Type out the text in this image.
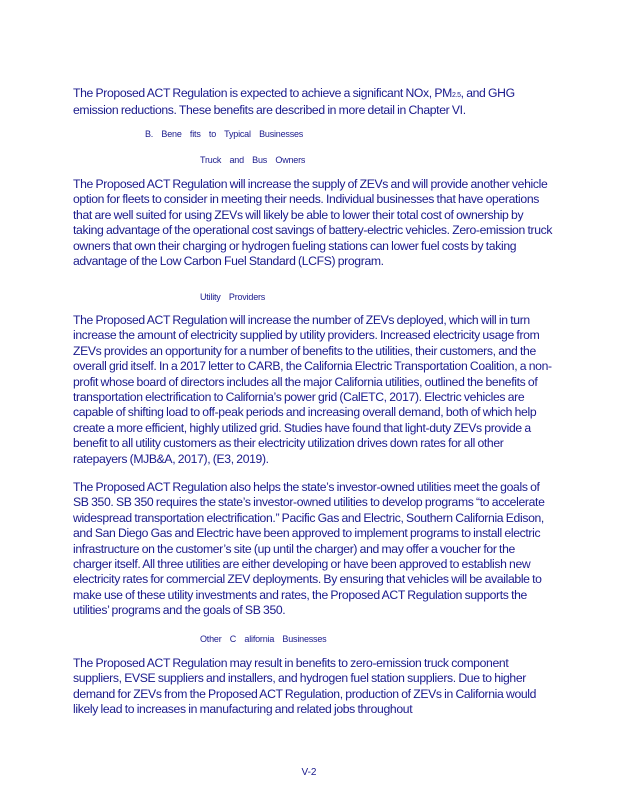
The Proposed ACT Regulation is expected to achieve a significant NOx, PM2.5, and GHG emission reductions. These benefits are described in more detail in Chapter VI.

B. Bene fits to Typical Businesses

Truck and Bus Owners

The Proposed ACT Regulation will increase the supply of ZEVs and will provide another vehicle option for fleets to consider in meeting their needs. Individual businesses that have operations that are well suited for using ZEVs will likely be able to lower their total cost of ownership by taking advantage of the operational cost savings of battery-electric vehicles. Zero-emission truck owners that own their charging or hydrogen fueling stations can lower fuel costs by taking advantage of the Low Carbon Fuel Standard (LCFS) program.

Utility Providers

The Proposed ACT Regulation will increase the number of ZEVs deployed, which will in turn increase the amount of electricity supplied by utility providers. Increased electricity usage from ZEVs provides an opportunity for a number of benefits to the utilities, their customers, and the overall grid itself. In a 2017 letter to CARB, the California Electric Transportation Coalition, a non-profit whose board of directors includes all the major California utilities, outlined the benefits of transportation electrification to California’s power grid (CalETC, 2017). Electric vehicles are capable of shifting load to off-peak periods and increasing overall demand, both of which help create a more efficient, highly utilized grid. Studies have found that light-duty ZEVs provide a benefit to all utility customers as their electricity utilization drives down rates for all other ratepayers (MJB&A, 2017), (E3, 2019).

The Proposed ACT Regulation also helps the state’s investor-owned utilities meet the goals of SB 350. SB 350 requires the state’s investor-owned utilities to develop programs “to accelerate widespread transportation electrification.” Pacific Gas and Electric, Southern California Edison, and San Diego Gas and Electric have been approved to implement programs to install electric infrastructure on the customer’s site (up until the charger) and may offer a voucher for the charger itself. All three utilities are either developing or have been approved to establish new electricity rates for commercial ZEV deployments. By ensuring that vehicles will be available to make use of these utility investments and rates, the Proposed ACT Regulation supports the utilities’ programs and the goals of SB 350.

Other C alifornia Businesses

The Proposed ACT Regulation may result in benefits to zero-emission truck component suppliers, EVSE suppliers and installers, and hydrogen fuel station suppliers. Due to higher demand for ZEVs from the Proposed ACT Regulation, production of ZEVs in California would likely lead to increases in manufacturing and related jobs throughout

V-2
